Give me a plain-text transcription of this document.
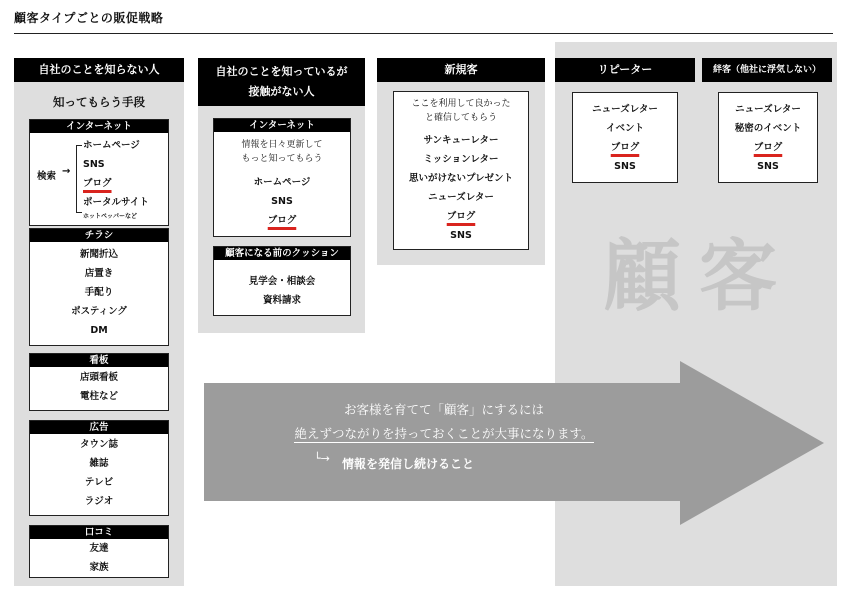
顧客タイプごとの販促戦略
自社のことを知らない人
知ってもらう手段
インターネット
検索 →
ホームページ
SNS
ブログ
ポータルサイト
ホットペッパーなど
チラシ
新聞折込
店置き
手配り
ポスティング
DM
看板
店頭看板
電柱など
広告
タウン誌
雑誌
テレビ
ラジオ
口コミ
友達
家族
自社のことを知っているが
接触がない人
インターネット
情報を日々更新して
もっと知ってもらう
ホームページ
SNS
ブログ
顧客になる前のクッション
見学会・相談会
資料請求
新規客
ここを利用して良かった
と確信してもらう
サンキューレター
ミッションレター
思いがけないプレゼント
ニューズレター
ブログ
SNS	顧客
リピーター
ニューズレター
イベント
ブログ
SNS
絆客（他社に浮気しない）
ニューズレター
秘密のイベント
ブログ
SNS
お客様を育てて「顧客」にするには
絶えずつながりを持っておくことが大事になります。
└→ 情報を発信し続けること
